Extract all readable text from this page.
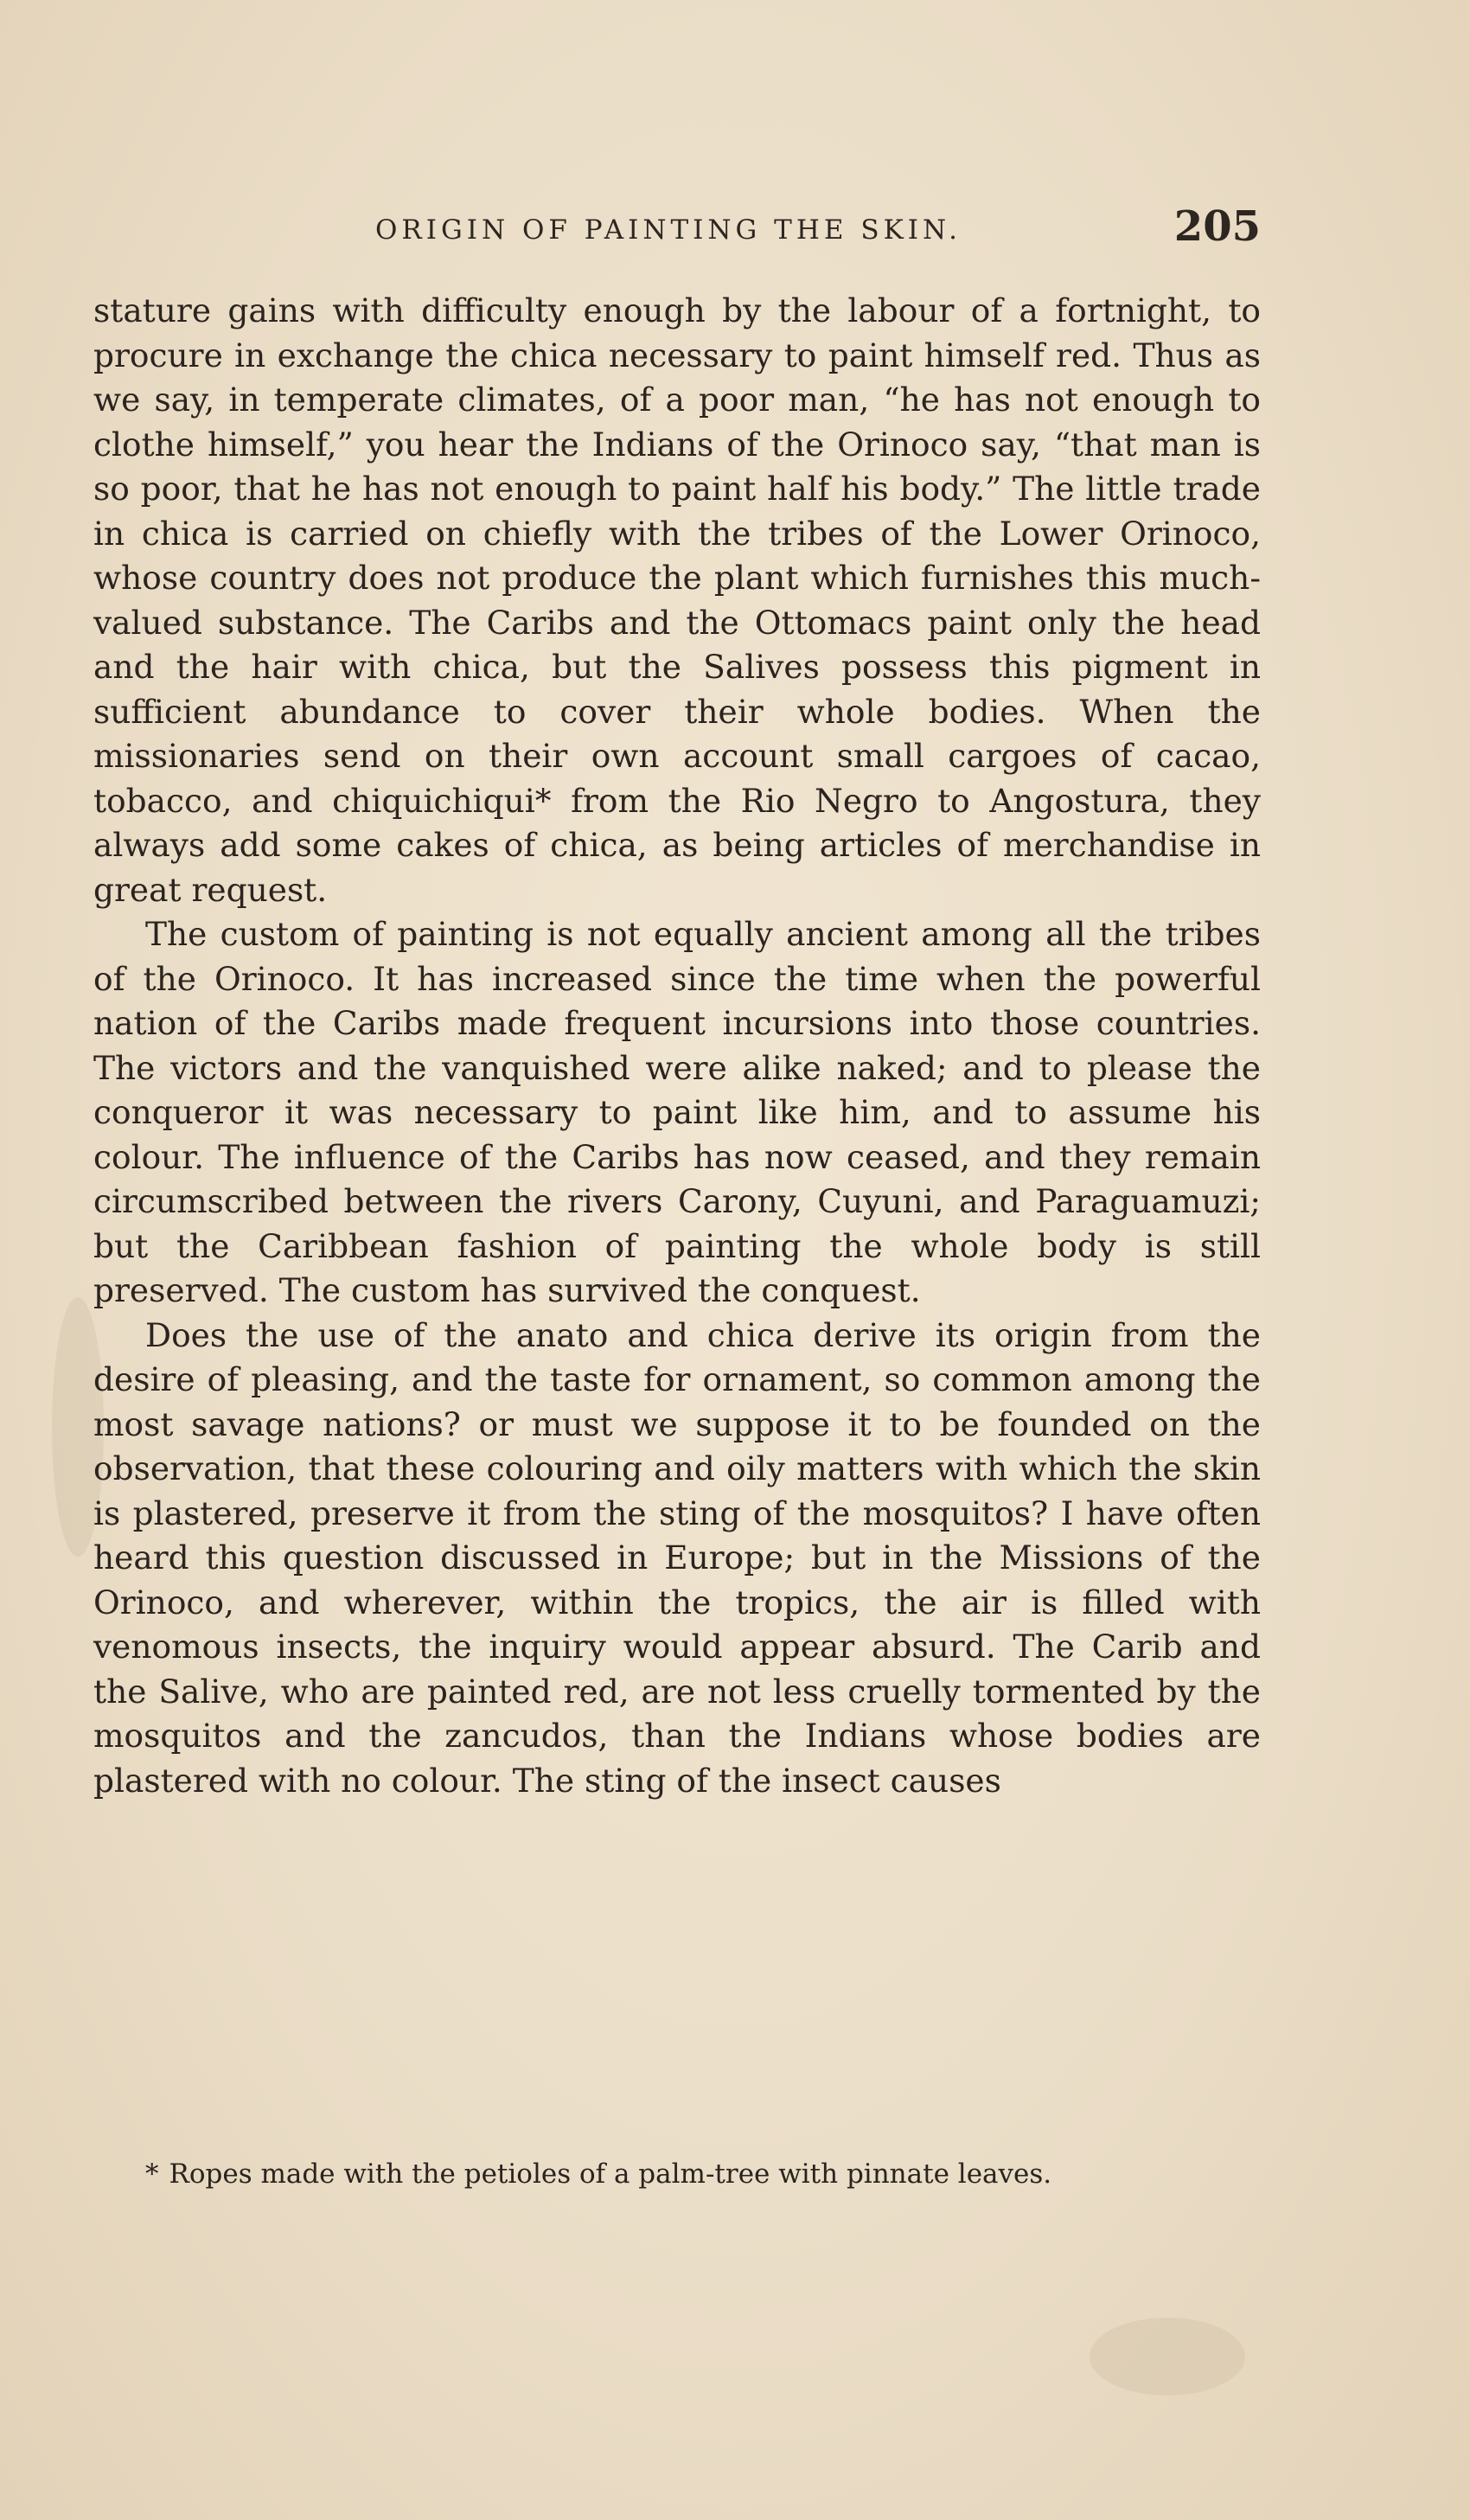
ORIGIN OF PAINTING THE SKIN.	205

stature gains with difficulty enough by the labour of a fortnight, to procure in exchange the chica necessary to paint himself red. Thus as we say, in temperate climates, of a poor man, “he has not enough to clothe himself,” you hear the Indians of the Orinoco say, “that man is so poor, that he has not enough to paint half his body.” The little trade in chica is carried on chiefly with the tribes of the Lower Orinoco, whose country does not produce the plant which furnishes this much-valued substance. The Caribs and the Ottomacs paint only the head and the hair with chica, but the Salives possess this pigment in sufficient abundance to cover their whole bodies. When the missionaries send on their own account small cargoes of cacao, tobacco, and chiquichiqui* from the Rio Negro to Angostura, they always add some cakes of chica, as being articles of merchandise in great request.

The custom of painting is not equally ancient among all the tribes of the Orinoco. It has increased since the time when the powerful nation of the Caribs made frequent incursions into those countries. The victors and the vanquished were alike naked; and to please the conqueror it was necessary to paint like him, and to assume his colour. The influence of the Caribs has now ceased, and they remain circumscribed between the rivers Carony, Cuyuni, and Paraguamuzi; but the Caribbean fashion of painting the whole body is still preserved. The custom has survived the conquest.

Does the use of the anato and chica derive its origin from the desire of pleasing, and the taste for ornament, so common among the most savage nations? or must we suppose it to be founded on the observation, that these colouring and oily matters with which the skin is plastered, preserve it from the sting of the mosquitos? I have often heard this question discussed in Europe; but in the Missions of the Orinoco, and wherever, within the tropics, the air is filled with venomous insects, the inquiry would appear absurd. The Carib and the Salive, who are painted red, are not less cruelly tormented by the mosquitos and the zancudos, than the Indians whose bodies are plastered with no colour. The sting of the insect causes

* Ropes made with the petioles of a palm-tree with pinnate leaves.
